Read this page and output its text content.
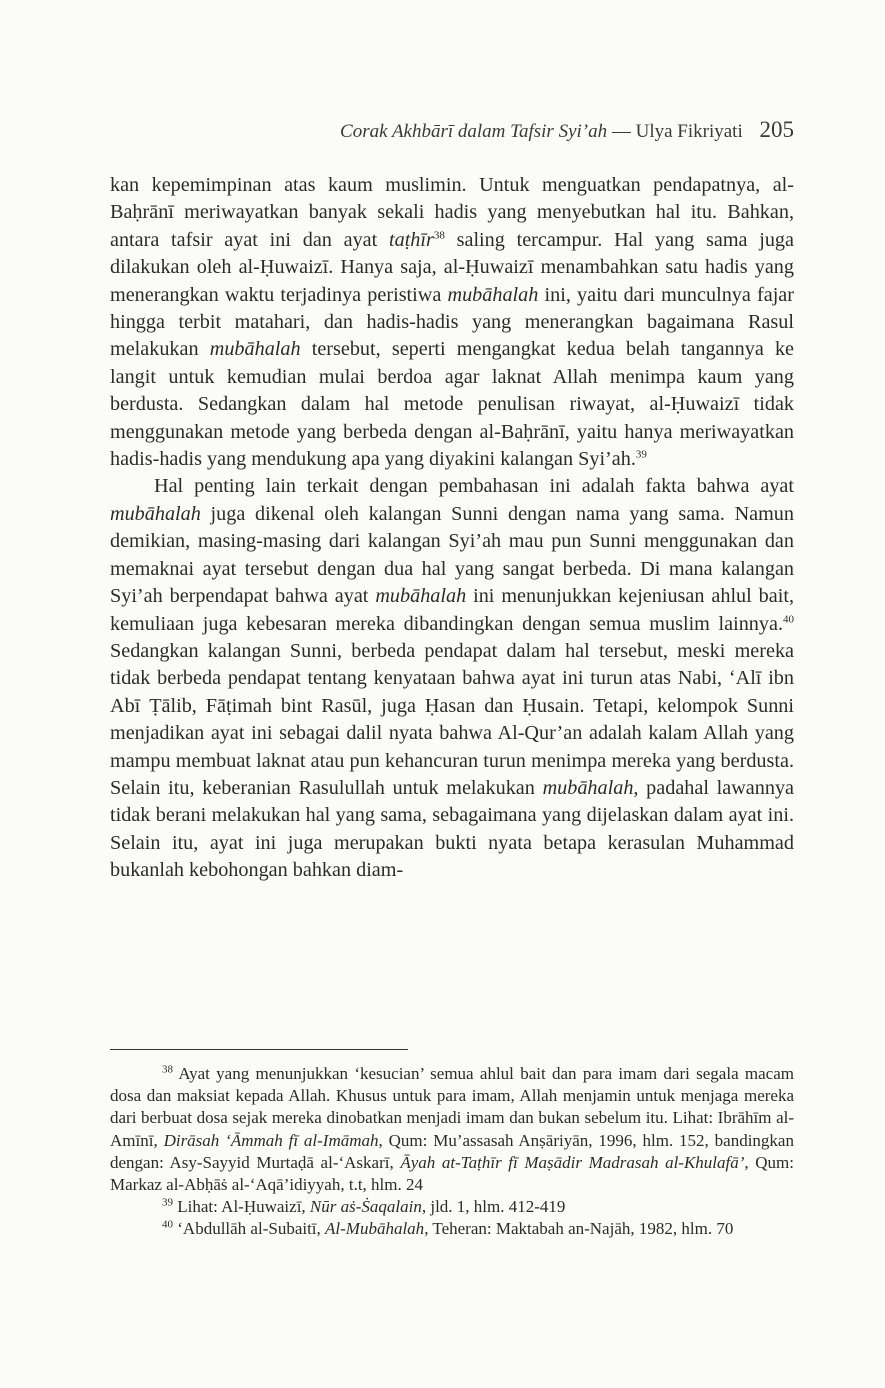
Corak Akhbārī dalam Tafsir Syi’ah — Ulya Fikriyati 205

kan kepemimpinan atas kaum muslimin. Untuk menguatkan pendapatnya, al-Baḥrānī meriwayatkan banyak sekali hadis yang menyebutkan hal itu. Bahkan, antara tafsir ayat ini dan ayat taṭhīr$^{38}$ saling tercampur. Hal yang sama juga dilakukan oleh al-Ḥuwaizī. Hanya saja, al-Ḥuwaizī menambahkan satu hadis yang menerangkan waktu terjadinya peristiwa mubāhalah ini, yaitu dari munculnya fajar hingga terbit matahari, dan hadis-hadis yang menerangkan bagaimana Rasul melakukan mubāhalah tersebut, seperti mengangkat kedua belah tangannya ke langit untuk kemudian mulai berdoa agar laknat Allah menimpa kaum yang berdusta. Sedangkan dalam hal metode penulisan riwayat, al-Ḥuwaizī tidak menggunakan metode yang berbeda dengan al-Baḥrānī, yaitu hanya meriwayatkan hadis-hadis yang mendukung apa yang diyakini kalangan Syi’ah.$^{39}$

Hal penting lain terkait dengan pembahasan ini adalah fakta bahwa ayat mubāhalah juga dikenal oleh kalangan Sunni dengan nama yang sama. Namun demikian, masing-masing dari kalangan Syi’ah mau pun Sunni menggunakan dan memaknai ayat tersebut dengan dua hal yang sangat berbeda. Di mana kalangan Syi’ah berpendapat bahwa ayat mubāhalah ini menunjukkan kejeniusan ahlul bait, kemuliaan juga kebesaran mereka dibandingkan dengan semua muslim lainnya.$^{40}$ Sedangkan kalangan Sunni, berbeda pendapat dalam hal tersebut, meski mereka tidak berbeda pendapat tentang kenyataan bahwa ayat ini turun atas Nabi, ‘Alī ibn Abī Ṭālib, Fāṭimah bint Rasūl, juga Ḥasan dan Ḥusain. Tetapi, kelompok Sunni menjadikan ayat ini sebagai dalil nyata bahwa Al-Qur’an adalah kalam Allah yang mampu membuat laknat atau pun kehancuran turun menimpa mereka yang berdusta. Selain itu, keberanian Rasulullah untuk melakukan mubāhalah, padahal lawannya tidak berani melakukan hal yang sama, sebagaimana yang dijelaskan dalam ayat ini. Selain itu, ayat ini juga merupakan bukti nyata betapa kerasulan Muhammad bukanlah kebohongan bahkan diam-

$^{38}$ Ayat yang menunjukkan ‘kesucian’ semua ahlul bait dan para imam dari segala macam dosa dan maksiat kepada Allah. Khusus untuk para imam, Allah menjamin untuk menjaga mereka dari berbuat dosa sejak mereka dinobatkan menjadi imam dan bukan sebelum itu. Lihat: Ibrāhīm al-Amīnī, Dirāsah ‘Āmmah fī al-Imāmah, Qum: Mu’assasah Anṣāriyān, 1996, hlm. 152, bandingkan dengan: Asy-Sayyid Murtaḍā al-‘Askarī, Āyah at-Taṭhīr fī Maṣādir Madrasah al-Khulafā’, Qum: Markaz al-Abḥāṡ al-‘Aqā’idiyyah, t.t, hlm. 24

$^{39}$ Lihat: Al-Ḥuwaizī, Nūr aṡ-Ṡaqalain, jld. 1, hlm. 412-419

$^{40}$ ‘Abdullāh al-Subaitī, Al-Mubāhalah, Teheran: Maktabah an-Najāh, 1982, hlm. 70
